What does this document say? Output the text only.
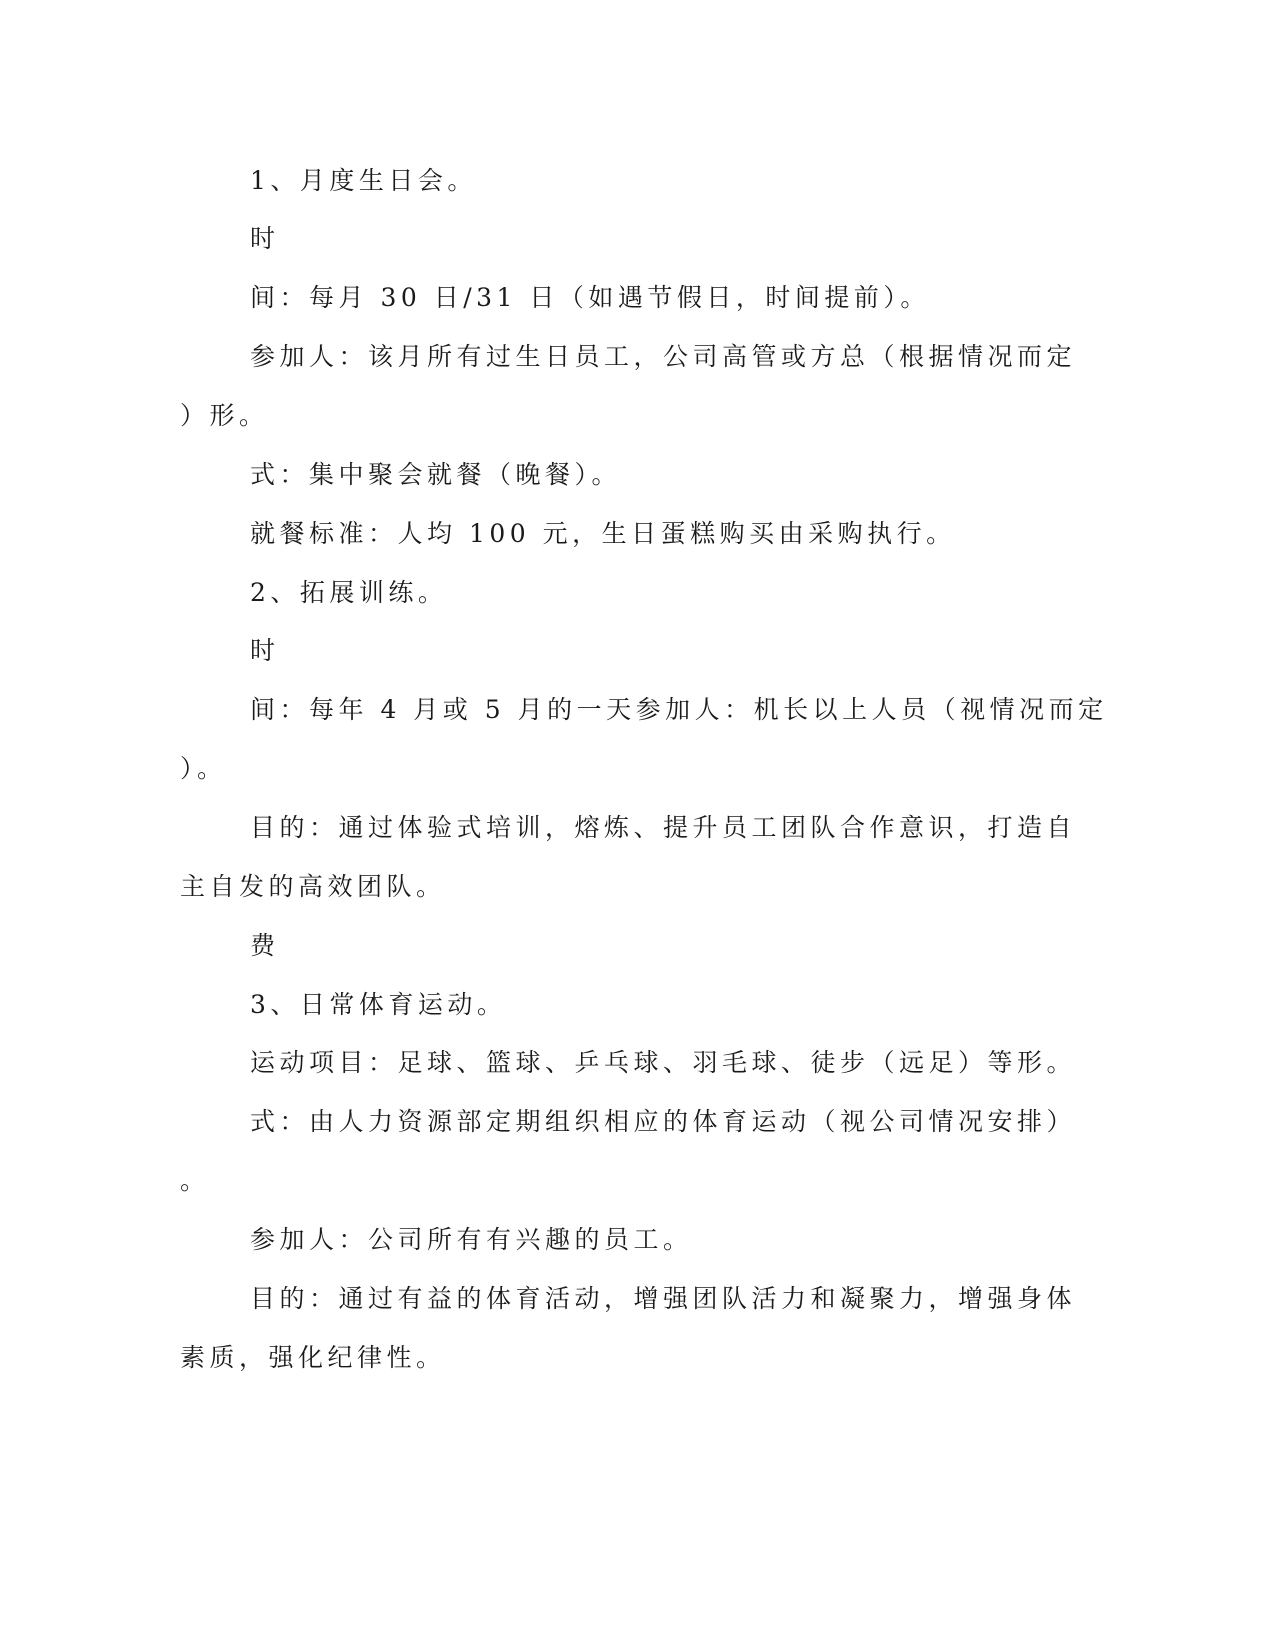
1、月度生日会。
时
间：每月 30 日/31 日（如遇节假日，时间提前）。
参加人：该月所有过生日员工，公司高管或方总（根据情况而定
）形。
式：集中聚会就餐（晚餐）。
就餐标准：人均 100 元，生日蛋糕购买由采购执行。
2、拓展训练。
时
间：每年 4 月或 5 月的一天参加人：机长以上人员（视情况而定
）。
目的：通过体验式培训，熔炼、提升员工团队合作意识，打造自
主自发的高效团队。
费
3、日常体育运动。
运动项目：足球、篮球、乒乓球、羽毛球、徒步（远足）等形。
式：由人力资源部定期组织相应的体育运动（视公司情况安排）
。
参加人：公司所有有兴趣的员工。
目的：通过有益的体育活动，增强团队活力和凝聚力，增强身体
素质，强化纪律性。
